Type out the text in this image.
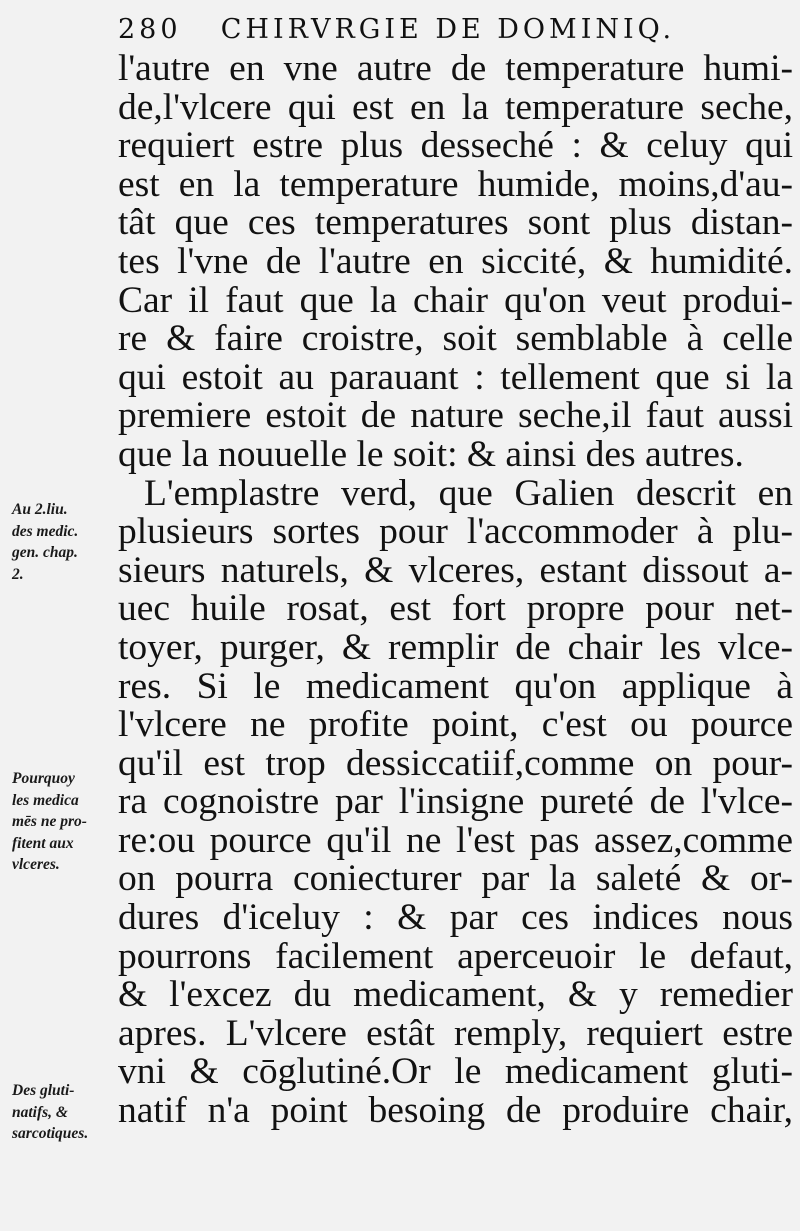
280 CHIRVRGIE DE DOMINIQ.
l'autre en vne autre de temperature humi-
de,l'vlcere qui est en la temperature seche,
requiert estre plus desseché : & celuy qui
est en la temperature humide, moins,d'au-
tât que ces temperatures sont plus distan-
tes l'vne de l'autre en siccité, & humidité.
Car il faut que la chair qu'on veut produi-
re & faire croistre, soit semblable à celle
qui estoit au parauant : tellement que si la
premiere estoit de nature seche,il faut aussi
que la nouuelle le soit: & ainsi des autres.
L'emplastre verd, que Galien descrit en
plusieurs sortes pour l'accommoder à plu-
sieurs naturels, & vlceres, estant dissout a-
uec huile rosat, est fort propre pour net-
toyer, purger, & remplir de chair les vlce-
res. Si le medicament qu'on applique à
l'vlcere ne profite point, c'est ou pource
qu'il est trop dessiccatiif,comme on pour-
ra cognoistre par l'insigne pureté de l'vlce-
re:ou pource qu'il ne l'est pas assez,comme
on pourra coniecturer par la saleté & or-
dures d'iceluy : & par ces indices nous
pourrons facilement aperceuoir le defaut,
& l'excez du medicament, & y remedier
apres. L'vlcere estât remply, requiert estre
vni & cōglutiné.Or le medicament gluti-
natif n'a point besoing de produire chair,
Au 2.liu.
des medic.
gen. chap.
2.
Pourquoy
les medica
mēs ne pro-
fitent aux
vlceres.
Des gluti-
natifs, &
sarcotiques.
